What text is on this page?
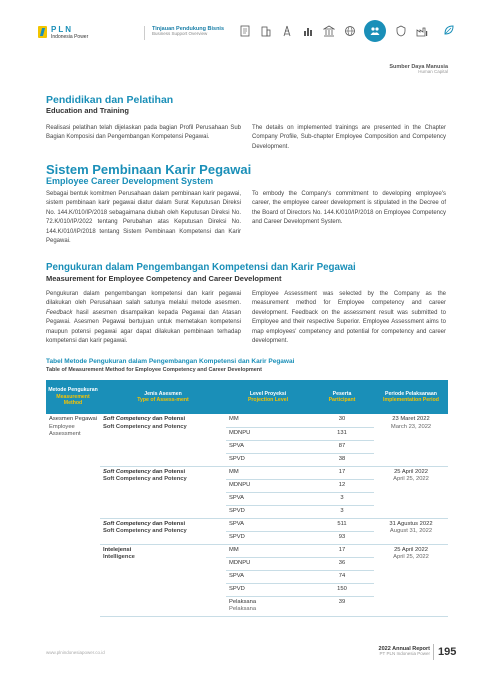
PLN
Indonesia Power
Tinjauan Pendukung Bisnis
Business Support Overview
Sumber Daya Manusia
Human Capital
Pendidikan dan Pelatihan
Education and Training
Realisasi pelatihan telah dijelaskan pada bagian Profil Perusahaan Sub Bagian Komposisi dan Pengembangan Kompetensi Pegawai.
The details on implemented trainings are presented in the Chapter Company Profile, Sub-chapter Employee Composition and Competency Development.
Sistem Pembinaan Karir Pegawai
Employee Career Development System
Sebagai bentuk komitmen Perusahaan dalam pembinaan karir pegawai, sistem pembinaan karir pegawai diatur dalam Surat Keputusan Direksi No. 144.K/010/IP/2018 sebagaimana diubah oleh Keputusan Direksi No. 72.K/010/IP/2022 tentang Perubahan atas Keputusan Direksi No. 144.K/010/IP/2018 tentang Sistem Pembinaan Kompetensi dan Karir Pegawai.
To embody the Company's commitment to developing employee's career, the employee career development is stipulated in the Decree of the Board of Directors No. 144.K/010/IP/2018 on Employee Competency and Career Development System.
Pengukuran dalam Pengembangan Kompetensi dan Karir Pegawai
Measurement for Employee Competency and Career Development
Pengukuran dalam pengembangan kompetensi dan karir pegawai dilakukan oleh Perusahaan salah satunya melalui metode asesmen. Feedback hasil asesmen disampaikan kepada Pegawai dan Atasan Pegawai. Asesmen Pegawai bertujuan untuk memetakan kompetensi maupun potensi pegawai agar dapat dilakukan pembinaan terhadap kompetensi dan karir pegawai.
Employee Assessment was selected by the Company as the measurement method for Employee competency and career development. Feedback on the assessment result was submitted to Employee and their respective Superior. Employee Assessment aims to map employees' competency and potential for competency and career development.
Tabel Metode Pengukuran dalam Pengembangan Kompetensi dan Karir Pegawai
Table of Measurement Method for Employee Competency and Career Development
Metode Pengukuran
Measurement Method	Jenis Asesmen
Type of Assess-ment	Level Proyeksi
Projection Level	Peserta
Participant	Periode Pelaksanaan
Implementation Period

Asesmen Pegawai
Employee Assessment	Soft Competency dan Potensi
Soft Competency and Potency	MM	30	23 Maret 2022
March 23, 2022

		MDNPU	131	

		SPVA	87	

		SPVD	38	
	Soft Competency dan Potensi
Soft Competency and Potency	MM	17	25 April 2022
April 25, 2022

		MDNPU	12	

		SPVA	3	

		SPVD	3	
	Soft Competency dan Potensi
Soft Competency and Potency	SPVA	511	31 Agustus 2022
August 31, 2022

		SPVD	93	
	Intelejensi
Intelligence	MM	17	25 April 2022
April 25, 2022

		MDNPU	36	

		SPVA	74	

		SPVD	150	

		Pelaksana
Pelaksana	39	
www.plnindonesiapower.co.id
2022 Annual Report
PT PLN Indonesia Power 195
